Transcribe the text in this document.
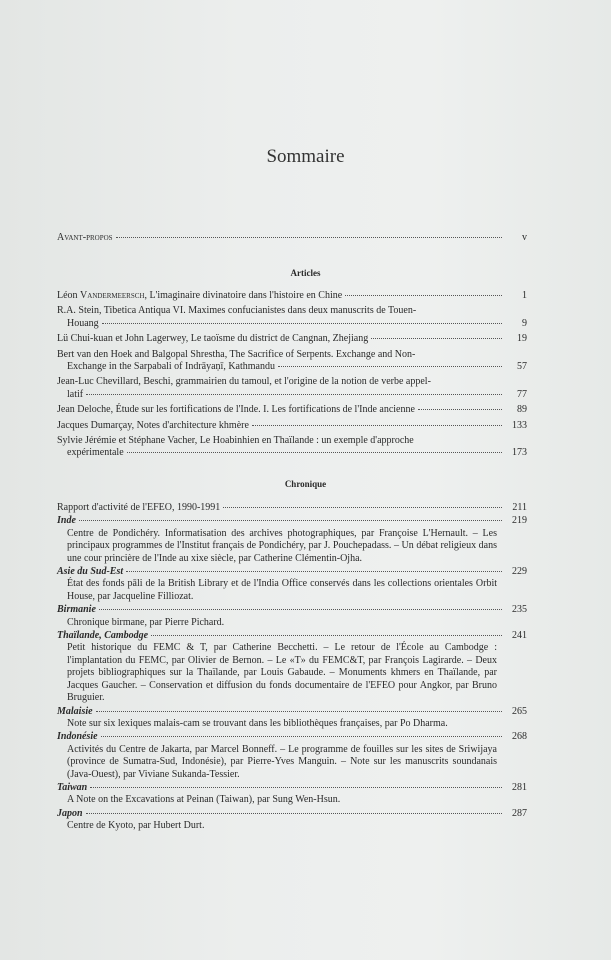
Sommaire
Avant-propos	v
Articles
Léon Vandermeersch, L'imaginaire divinatoire dans l'histoire en Chine	1
R.A. Stein, Tibetica Antiqua VI. Maximes confucianistes dans deux manuscrits de Touen-
Houang	9
Lü Chui-kuan et John Lagerwey, Le taoïsme du district de Cangnan, Zhejiang	19
Bert van den Hoek and Balgopal Shrestha, The Sacrifice of Serpents. Exchange and Non-
Exchange in the Sarpabali of Indrāyaṇī, Kathmandu	57
Jean-Luc Chevillard, Beschi, grammairien du tamoul, et l'origine de la notion de verbe appel-
latif	77
Jean Deloche, Étude sur les fortifications de l'Inde. I. Les fortifications de l'Inde ancienne	89
Jacques Dumarçay, Notes d'architecture khmère	133
Sylvie Jérémie et Stéphane Vacher, Le Hoabinhien en Thaïlande : un exemple d'approche
expérimentale	173
Chronique
Rapport d'activité de l'EFEO, 1990-1991	211
Inde	219
Centre de Pondichéry. Informatisation des archives photographiques, par Françoise L'Hernault. – Les principaux programmes de l'Institut français de Pondichéry, par J. Pouchepadass. – Un débat religieux dans une cour princière de l'Inde au xixe siècle, par Catherine Clémentin-Ojha.
Asie du Sud-Est	229
État des fonds pāli de la British Library et de l'India Office conservés dans les collections orientales Orbit House, par Jacqueline Filliozat.
Birmanie	235
Chronique birmane, par Pierre Pichard.
Thaïlande, Cambodge	241
Petit historique du FEMC & T, par Catherine Becchetti. – Le retour de l'École au Cambodge : l'implantation du FEMC, par Olivier de Bernon. – Le «T» du FEMC&T, par François Lagirarde. – Deux projets bibliographiques sur la Thaïlande, par Louis Gabaude. – Monuments khmers en Thaïlande, par Jacques Gaucher. – Conservation et diffusion du fonds documentaire de l'EFEO pour Angkor, par Bruno Bruguier.
Malaisie	265
Note sur six lexiques malais-cam se trouvant dans les bibliothèques françaises, par Po Dharma.
Indonésie	268
Activités du Centre de Jakarta, par Marcel Bonneff. – Le programme de fouilles sur les sites de Sriwijaya (province de Sumatra-Sud, Indonésie), par Pierre-Yves Manguin. – Note sur les manuscrits soundanais (Java-Ouest), par Viviane Sukanda-Tessier.
Taiwan	281
A Note on the Excavations at Peinan (Taiwan), par Sung Wen-Hsun.
Japon	287
Centre de Kyoto, par Hubert Durt.
